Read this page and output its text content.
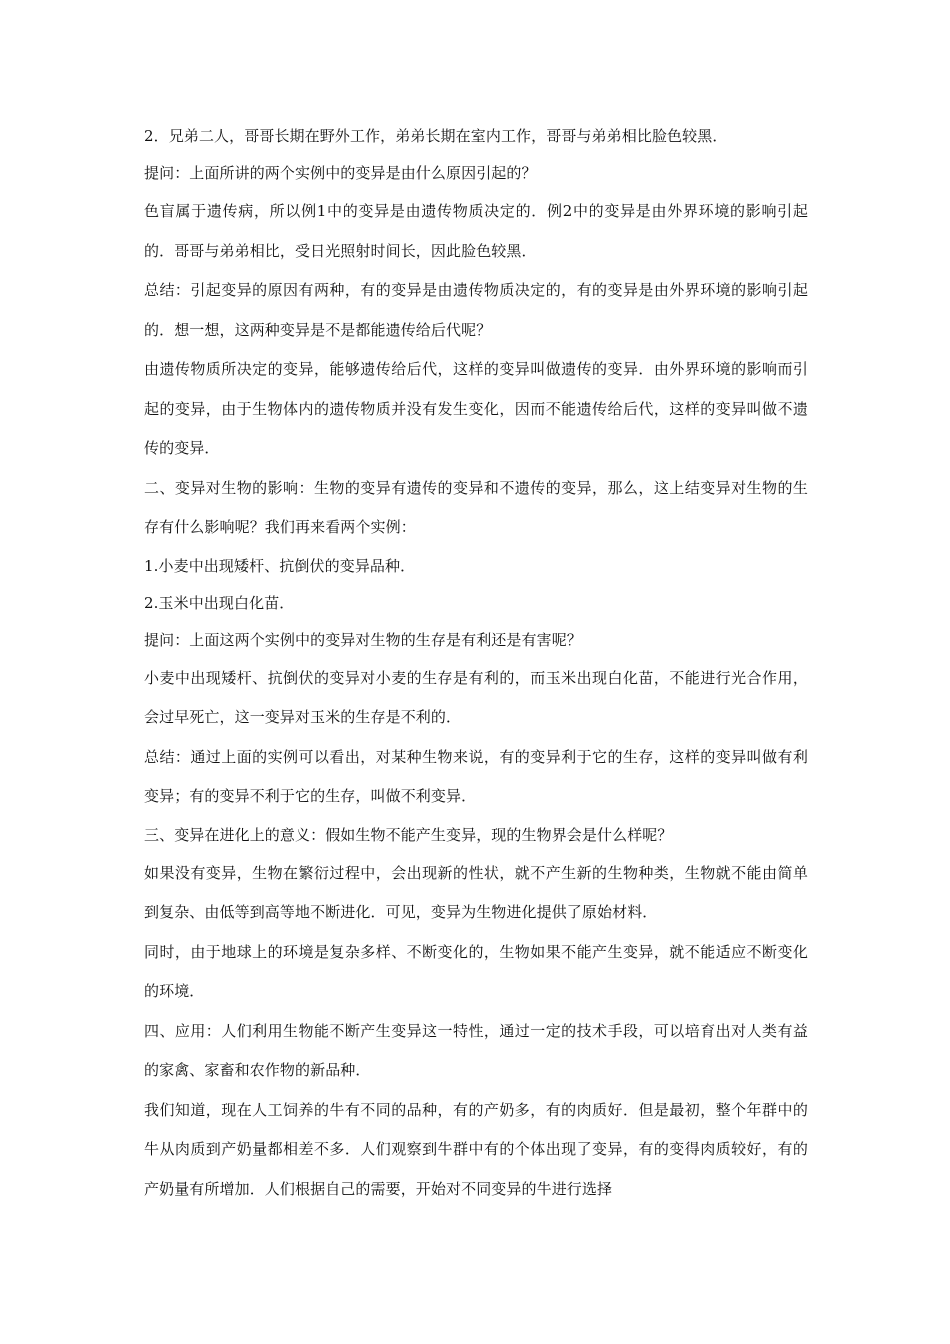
2．兄弟二人，哥哥长期在野外工作，弟弟长期在室内工作，哥哥与弟弟相比脸色较黑．

提问：上面所讲的两个实例中的变异是由什么原因引起的？

色盲属于遗传病，所以例1中的变异是由遗传物质决定的．例2中的变异是由外界环境的影响引起的．哥哥与弟弟相比，受日光照射时间长，因此脸色较黑．

总结：引起变异的原因有两种，有的变异是由遗传物质决定的，有的变异是由外界环境的影响引起的．想一想，这两种变异是不是都能遗传给后代呢？

由遗传物质所决定的变异，能够遗传给后代，这样的变异叫做遗传的变异．由外界环境的影响而引起的变异，由于生物体内的遗传物质并没有发生变化，因而不能遗传给后代，这样的变异叫做不遗传的变异．

二、变异对生物的影响：生物的变异有遗传的变异和不遗传的变异，那么，这上结变异对生物的生存有什么影响呢？我们再来看两个实例：

1.小麦中出现矮杆、抗倒伏的变异品种．

2.玉米中出现白化苗．

提问：上面这两个实例中的变异对生物的生存是有利还是有害呢？

小麦中出现矮杆、抗倒伏的变异对小麦的生存是有利的，而玉米出现白化苗，不能进行光合作用，会过早死亡，这一变异对玉米的生存是不利的．

总结：通过上面的实例可以看出，对某种生物来说，有的变异利于它的生存，这样的变异叫做有利变异；有的变异不利于它的生存，叫做不利变异．

三、变异在进化上的意义：假如生物不能产生变异，现的生物界会是什么样呢？

如果没有变异，生物在繁衍过程中，会出现新的性状，就不产生新的生物种类，生物就不能由简单到复杂、由低等到高等地不断进化．可见，变异为生物进化提供了原始材料．

同时，由于地球上的环境是复杂多样、不断变化的，生物如果不能产生变异，就不能适应不断变化的环境．

四、应用：人们利用生物能不断产生变异这一特性，通过一定的技术手段，可以培育出对人类有益的家禽、家畜和农作物的新品种．

我们知道，现在人工饲养的牛有不同的品种，有的产奶多，有的肉质好．但是最初，整个年群中的牛从肉质到产奶量都相差不多．人们观察到牛群中有的个体出现了变异，有的变得肉质较好，有的产奶量有所增加．人们根据自己的需要，开始对不同变异的牛进行选择
